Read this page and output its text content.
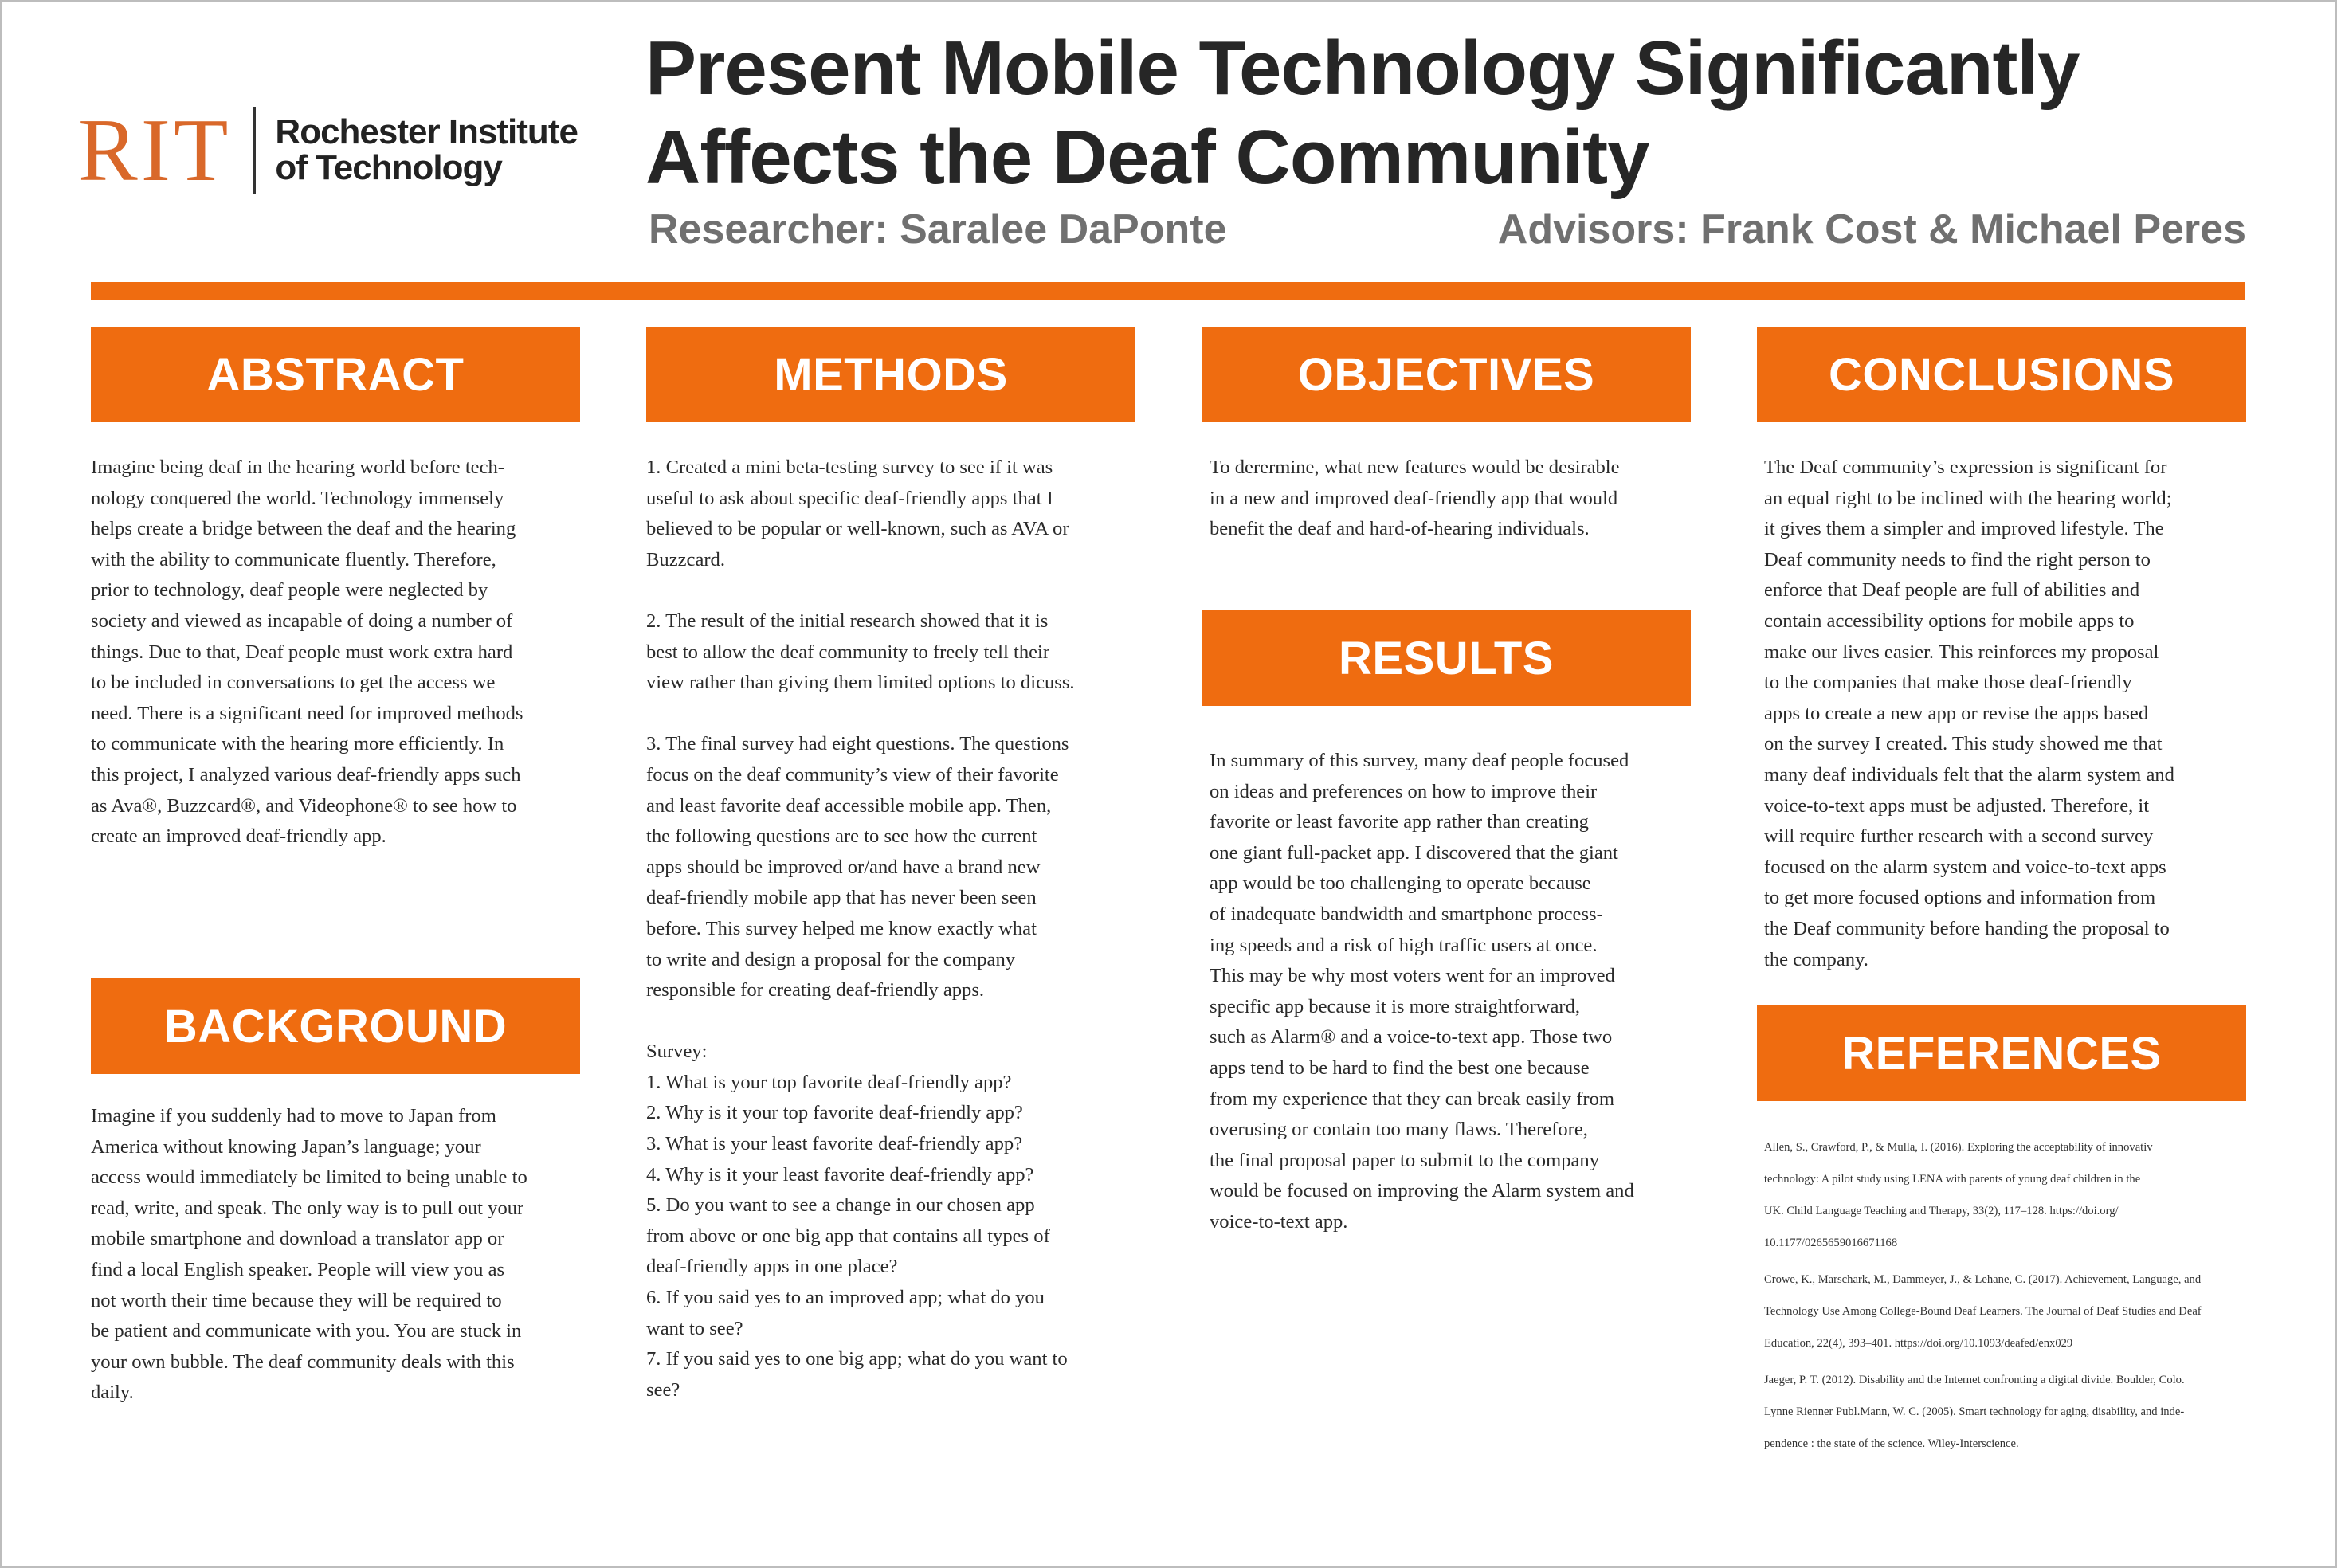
RIT Rochester Institute
of Technology
Present Mobile Technology Significantly
Affects the Deaf Community
Researcher: Saralee DaPonte	Advisors: Frank Cost & Michael Peres
ABSTRACT

Imagine being deaf in the hearing world before tech-

nology conquered the world. Technology immensely

helps create a bridge between the deaf and the hearing

with the ability to communicate fluently. Therefore,

prior to technology, deaf people were neglected by

society and viewed as incapable of doing a number of

things. Due to that, Deaf people must work extra hard

to be included in conversations to get the access we

need. There is a significant need for improved methods

to communicate with the hearing more efficiently. In

this project, I analyzed various deaf-friendly apps such

as Ava®, Buzzcard®, and Videophone® to see how to

create an improved deaf-friendly app.

BACKGROUND

Imagine if you suddenly had to move to Japan from

America without knowing Japan’s language; your

access would immediately be limited to being unable to

read, write, and speak. The only way is to pull out your

mobile smartphone and download a translator app or

find a local English speaker. People will view you as

not worth their time because they will be required to

be patient and communicate with you. You are stuck in

your own bubble. The deaf community deals with this

daily.

METHODS

1. Created a mini beta-testing survey to see if it was

useful to ask about specific deaf-friendly apps that I

believed to be popular or well-known, such as AVA or

Buzzcard.

2. The result of the initial research showed that it is

best to allow the deaf community to freely tell their

view rather than giving them limited options to dicuss.

3. The final survey had eight questions. The questions

focus on the deaf community’s view of their favorite

and least favorite deaf accessible mobile app. Then,

the following questions are to see how the current

apps should be improved or/and have a brand new

deaf-friendly mobile app that has never been seen

before. This survey helped me know exactly what

to write and design a proposal for the company

responsible for creating deaf-friendly apps.

Survey:

1. What is your top favorite deaf-friendly app?

2. Why is it your top favorite deaf-friendly app?

3. What is your least favorite deaf-friendly app?

4. Why is it your least favorite deaf-friendly app?

5. Do you want to see a change in our chosen app

from above or one big app that contains all types of

deaf-friendly apps in one place?

6. If you said yes to an improved app; what do you

want to see?

7. If you said yes to one big app; what do you want to

see?

OBJECTIVES

To derermine, what new features would be desirable

in a new and improved deaf-friendly app that would

benefit the deaf and hard-of-hearing individuals.

RESULTS

In summary of this survey, many deaf people focused

on ideas and preferences on how to improve their

favorite or least favorite app rather than creating

one giant full-packet app. I discovered that the giant

app would be too challenging to operate because

of inadequate bandwidth and smartphone process-

ing speeds and a risk of high traffic users at once.

This may be why most voters went for an improved

specific app because it is more straightforward,

such as Alarm® and a voice-to-text app. Those two

apps tend to be hard to find the best one because

from my experience that they can break easily from

overusing or contain too many flaws. Therefore,

the final proposal paper to submit to the company

would be focused on improving the Alarm system and

voice-to-text app.

CONCLUSIONS

The Deaf community’s expression is significant for

an equal right to be inclined with the hearing world;

it gives them a simpler and improved lifestyle. The

Deaf community needs to find the right person to

enforce that Deaf people are full of abilities and

contain accessibility options for mobile apps to

make our lives easier. This reinforces my proposal

to the companies that make those deaf-friendly

apps to create a new app or revise the apps based

on the survey I created. This study showed me that

many deaf individuals felt that the alarm system and

voice-to-text apps must be adjusted. Therefore, it

will require further research with a second survey

focused on the alarm system and voice-to-text apps

to get more focused options and information from

the Deaf community before handing the proposal to

the company.

REFERENCES

Allen, S., Crawford, P., & Mulla, I. (2016). Exploring the acceptability of innovativ

technology: A pilot study using LENA with parents of young deaf children in the

UK. Child Language Teaching and Therapy, 33(2), 117–128. https://doi.org/

10.1177/0265659016671168

Crowe, K., Marschark, M., Dammeyer, J., & Lehane, C. (2017). Achievement, Language, and

Technology Use Among College-Bound Deaf Learners. The Journal of Deaf Studies and Deaf

Education, 22(4), 393–401. https://doi.org/10.1093/deafed/enx029

Jaeger, P. T. (2012). Disability and the Internet confronting a digital divide. Boulder, Colo.

Lynne Rienner Publ.Mann, W. C. (2005). Smart technology for aging, disability, and inde-

pendence : the state of the science. Wiley-Interscience.
